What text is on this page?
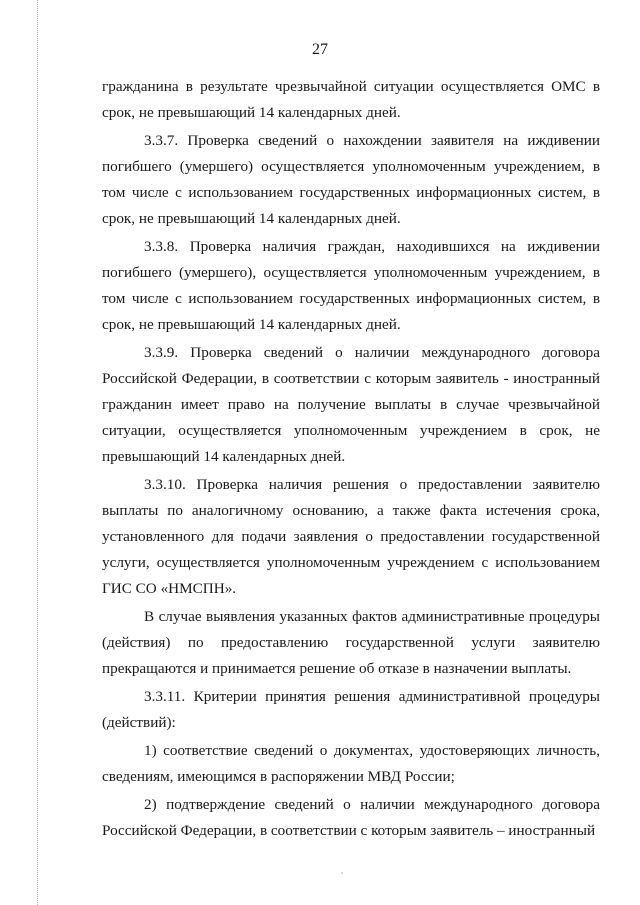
27

гражданина в результате чрезвычайной ситуации осуществляется ОМС в срок, не превышающий 14 календарных дней.

3.3.7. Проверка сведений о нахождении заявителя на иждивении погибшего (умершего) осуществляется уполномоченным учреждением, в том числе с использованием государственных информационных систем, в срок, не превышающий 14 календарных дней.

3.3.8. Проверка наличия граждан, находившихся на иждивении погибшего (умершего), осуществляется уполномоченным учреждением, в том числе с использованием государственных информационных систем, в срок, не превышающий 14 календарных дней.

3.3.9. Проверка сведений о наличии международного договора Российской Федерации, в соответствии с которым заявитель - иностранный гражданин имеет право на получение выплаты в случае чрезвычайной ситуации, осуществляется уполномоченным учреждением в срок, не превышающий 14 календарных дней.

3.3.10. Проверка наличия решения о предоставлении заявителю выплаты по аналогичному основанию, а также факта истечения срока, установленного для подачи заявления о предоставлении государственной услуги, осуществляется уполномоченным учреждением с использованием ГИС СО «НМСПН».

В случае выявления указанных фактов административные процедуры (действия) по предоставлению государственной услуги заявителю прекращаются и принимается решение об отказе в назначении выплаты.

3.3.11. Критерии принятия решения административной процедуры (действий):

1) соответствие сведений о документах, удостоверяющих личность, сведениям, имеющимся в распоряжении МВД России;

2) подтверждение сведений о наличии международного договора Российской Федерации, в соответствии с которым заявитель – иностранный
